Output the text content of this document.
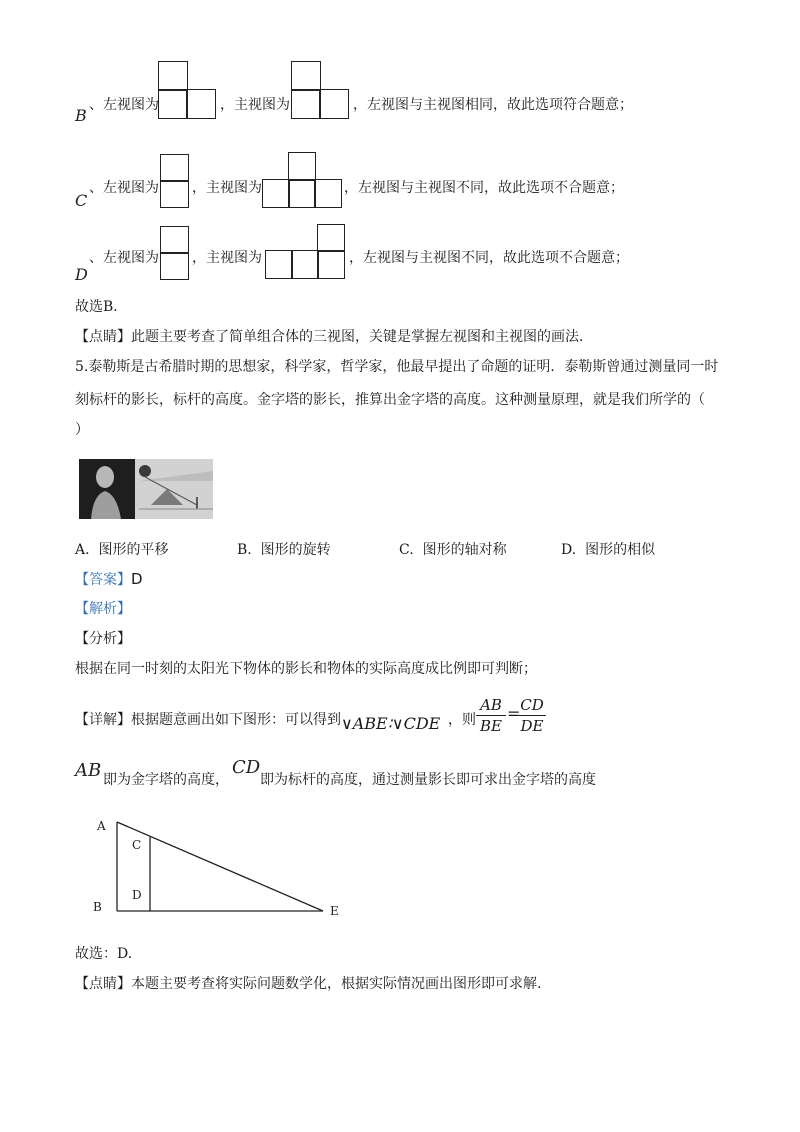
B
、左视图为	，主视图为	，左视图与主视图相同，故此选项符合题意；
C
、左视图为 ，主视图为	，左视图与主视图不同，故此选项不合题意；
D
、左视图为 ，主视图为	，左视图与主视图不同，故此选项不合题意；
故选B．
【点睛】此题主要考查了简单组合体的三视图，关键是掌握左视图和主视图的画法．
5.泰勒斯是古希腊时期的思想家，科学家，哲学家，他最早提出了命题的证明．泰勒斯曾通过测量同一时
刻标杆的影长，标杆的高度。金字塔的影长，推算出金字塔的高度。这种测量原理，就是我们所学的（
）
A. 图形的平移	B. 图形的旋转	C. 图形的轴对称	D. 图形的相似
【答案】D
【解析】
【分析】
根据在同一时刻的太阳光下物体的影长和物体的实际高度成比例即可判断；
【详解】根据题意画出如下图形：可以得到 ∨ABE∶∨CDE ，则
AB
BE
= CD
DE
AB 即为金字塔的高度，
CD
即为标杆的高度，通过测量影长即可求出金字塔的高度
A
B
C
D
E
故选：D.
【点睛】本题主要考查将实际问题数学化，根据实际情况画出图形即可求解.
